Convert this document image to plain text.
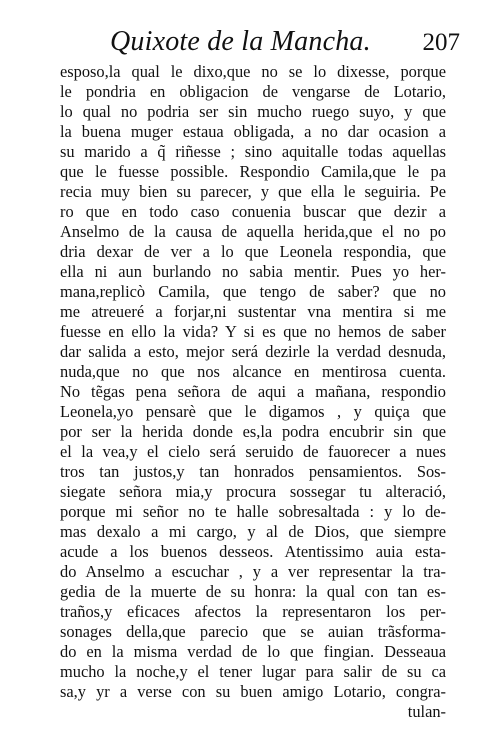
Quixote de la Mancha. 207
esposo,la qual le dixo,que no se lo dixesse, porque
le pondria en obligacion de vengarse de Lotario,
lo qual no podria ser sin mucho ruego suyo, y que
la buena muger estaua obligada, a no dar ocasion a
su marido a q̃ riñesse ; sino aquitalle todas aquellas
que le fuesse possible. Respondio Camila,que le pa
recia muy bien su parecer, y que ella le seguiria. Pe
ro que en todo caso conuenia buscar que dezir a
Anselmo de la causa de aquella herida,que el no po
dria dexar de ver a lo que Leonela respondia, que
ella ni aun burlando no sabia mentir. Pues yo her-
mana,replicò Camila, que tengo de saber? que no
me atreueré a forjar,ni sustentar vna mentira si me
fuesse en ello la vida? Y si es que no hemos de saber
dar salida a esto, mejor será dezirle la verdad desnuda,
nuda,que no que nos alcance en mentirosa cuenta.
No tẽgas pena señora de aqui a mañana, respondio
Leonela,yo pensarè que le digamos , y quiça que
por ser la herida donde es,la podra encubrir sin que
el la vea,y el cielo será seruido de fauorecer a nues
tros tan justos,y tan honrados pensamientos. Sos-
siegate señora mia,y procura sossegar tu alteració,
porque mi señor no te halle sobresaltada : y lo de-
mas dexalo a mi cargo, y al de Dios, que siempre
acude a los buenos desseos. Atentissimo auia esta-
do Anselmo a escuchar , y a ver representar la tra-
gedia de la muerte de su honra: la qual con tan es-
traños,y eficaces afectos la representaron los per-
sonages della,que parecio que se auian trãsforma-
do en la misma verdad de lo que fingian. Desseaua
mucho la noche,y el tener lugar para salir de su ca
sa,y yr a verse con su buen amigo Lotario, congra-
tulan-
